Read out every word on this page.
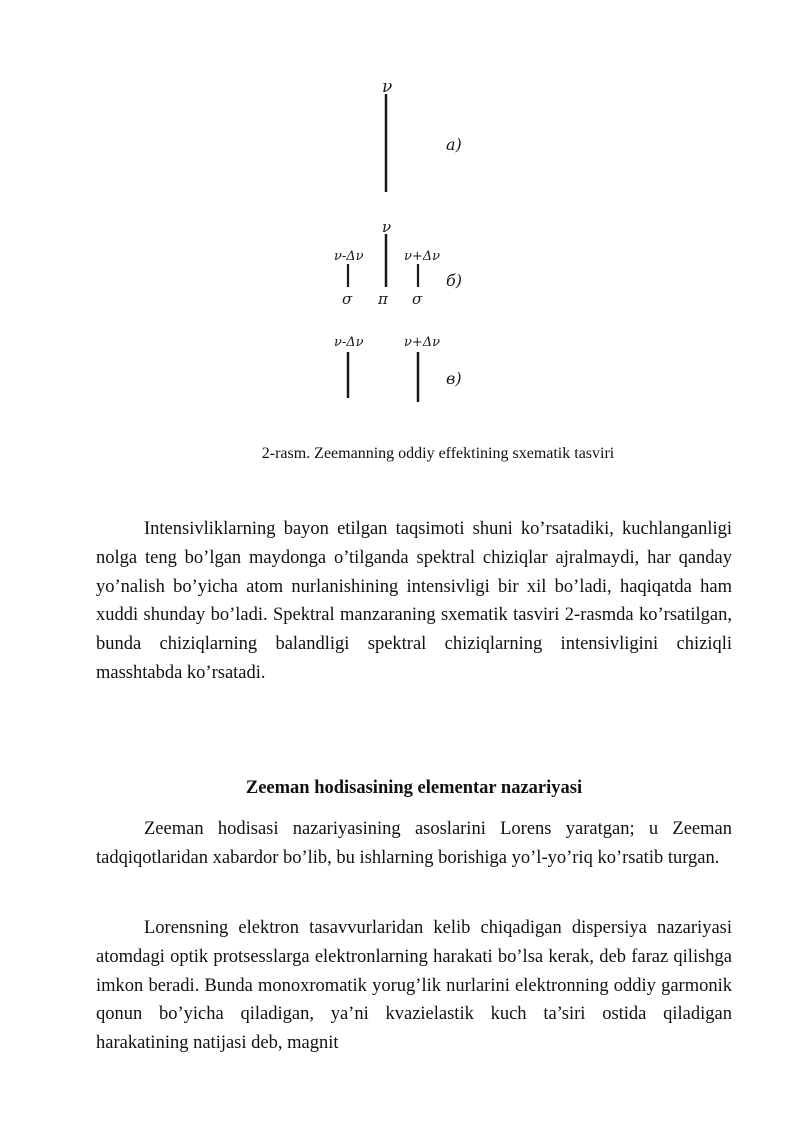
ν
a)
ν
ν-Δν	ν+Δν
σ π σ
б)
ν-Δν	ν+Δν
в)
2-rasm. Zeemanning oddiy effektining sxematik tasviri

Intensivliklarning bayon etilgan taqsimoti shuni ko’rsatadiki, kuchlanganligi nolga teng bo’lgan maydonga o’tilganda spektral chiziqlar ajralmaydi, har qanday yo’nalish bo’yicha atom nurlanishining intensivligi bir xil bo’ladi, haqiqatda ham xuddi shunday bo’ladi. Spektral manzaraning sxematik tasviri 2-rasmda ko’rsatilgan, bunda chiziqlarning balandligi spektral chiziqlarning intensivligini chiziqli masshtabda ko’rsatadi.

Zeeman hodisasining elementar nazariyasi

Zeeman hodisasi nazariyasining asoslarini Lorens yaratgan; u Zeeman tadqiqotlaridan xabardor bo’lib, bu ishlarning borishiga yo’l-yo’riq ko’rsatib turgan.

Lorensning elektron tasavvurlaridan kelib chiqadigan dispersiya nazariyasi atomdagi optik protsesslarga elektronlarning harakati bo’lsa kerak, deb faraz qilishga imkon beradi. Bunda monoxromatik yorug’lik nurlarini elektronning oddiy garmonik qonun bo’yicha qiladigan, ya’ni kvazielastik kuch ta’siri ostida qiladigan harakatining natijasi deb, magnit
